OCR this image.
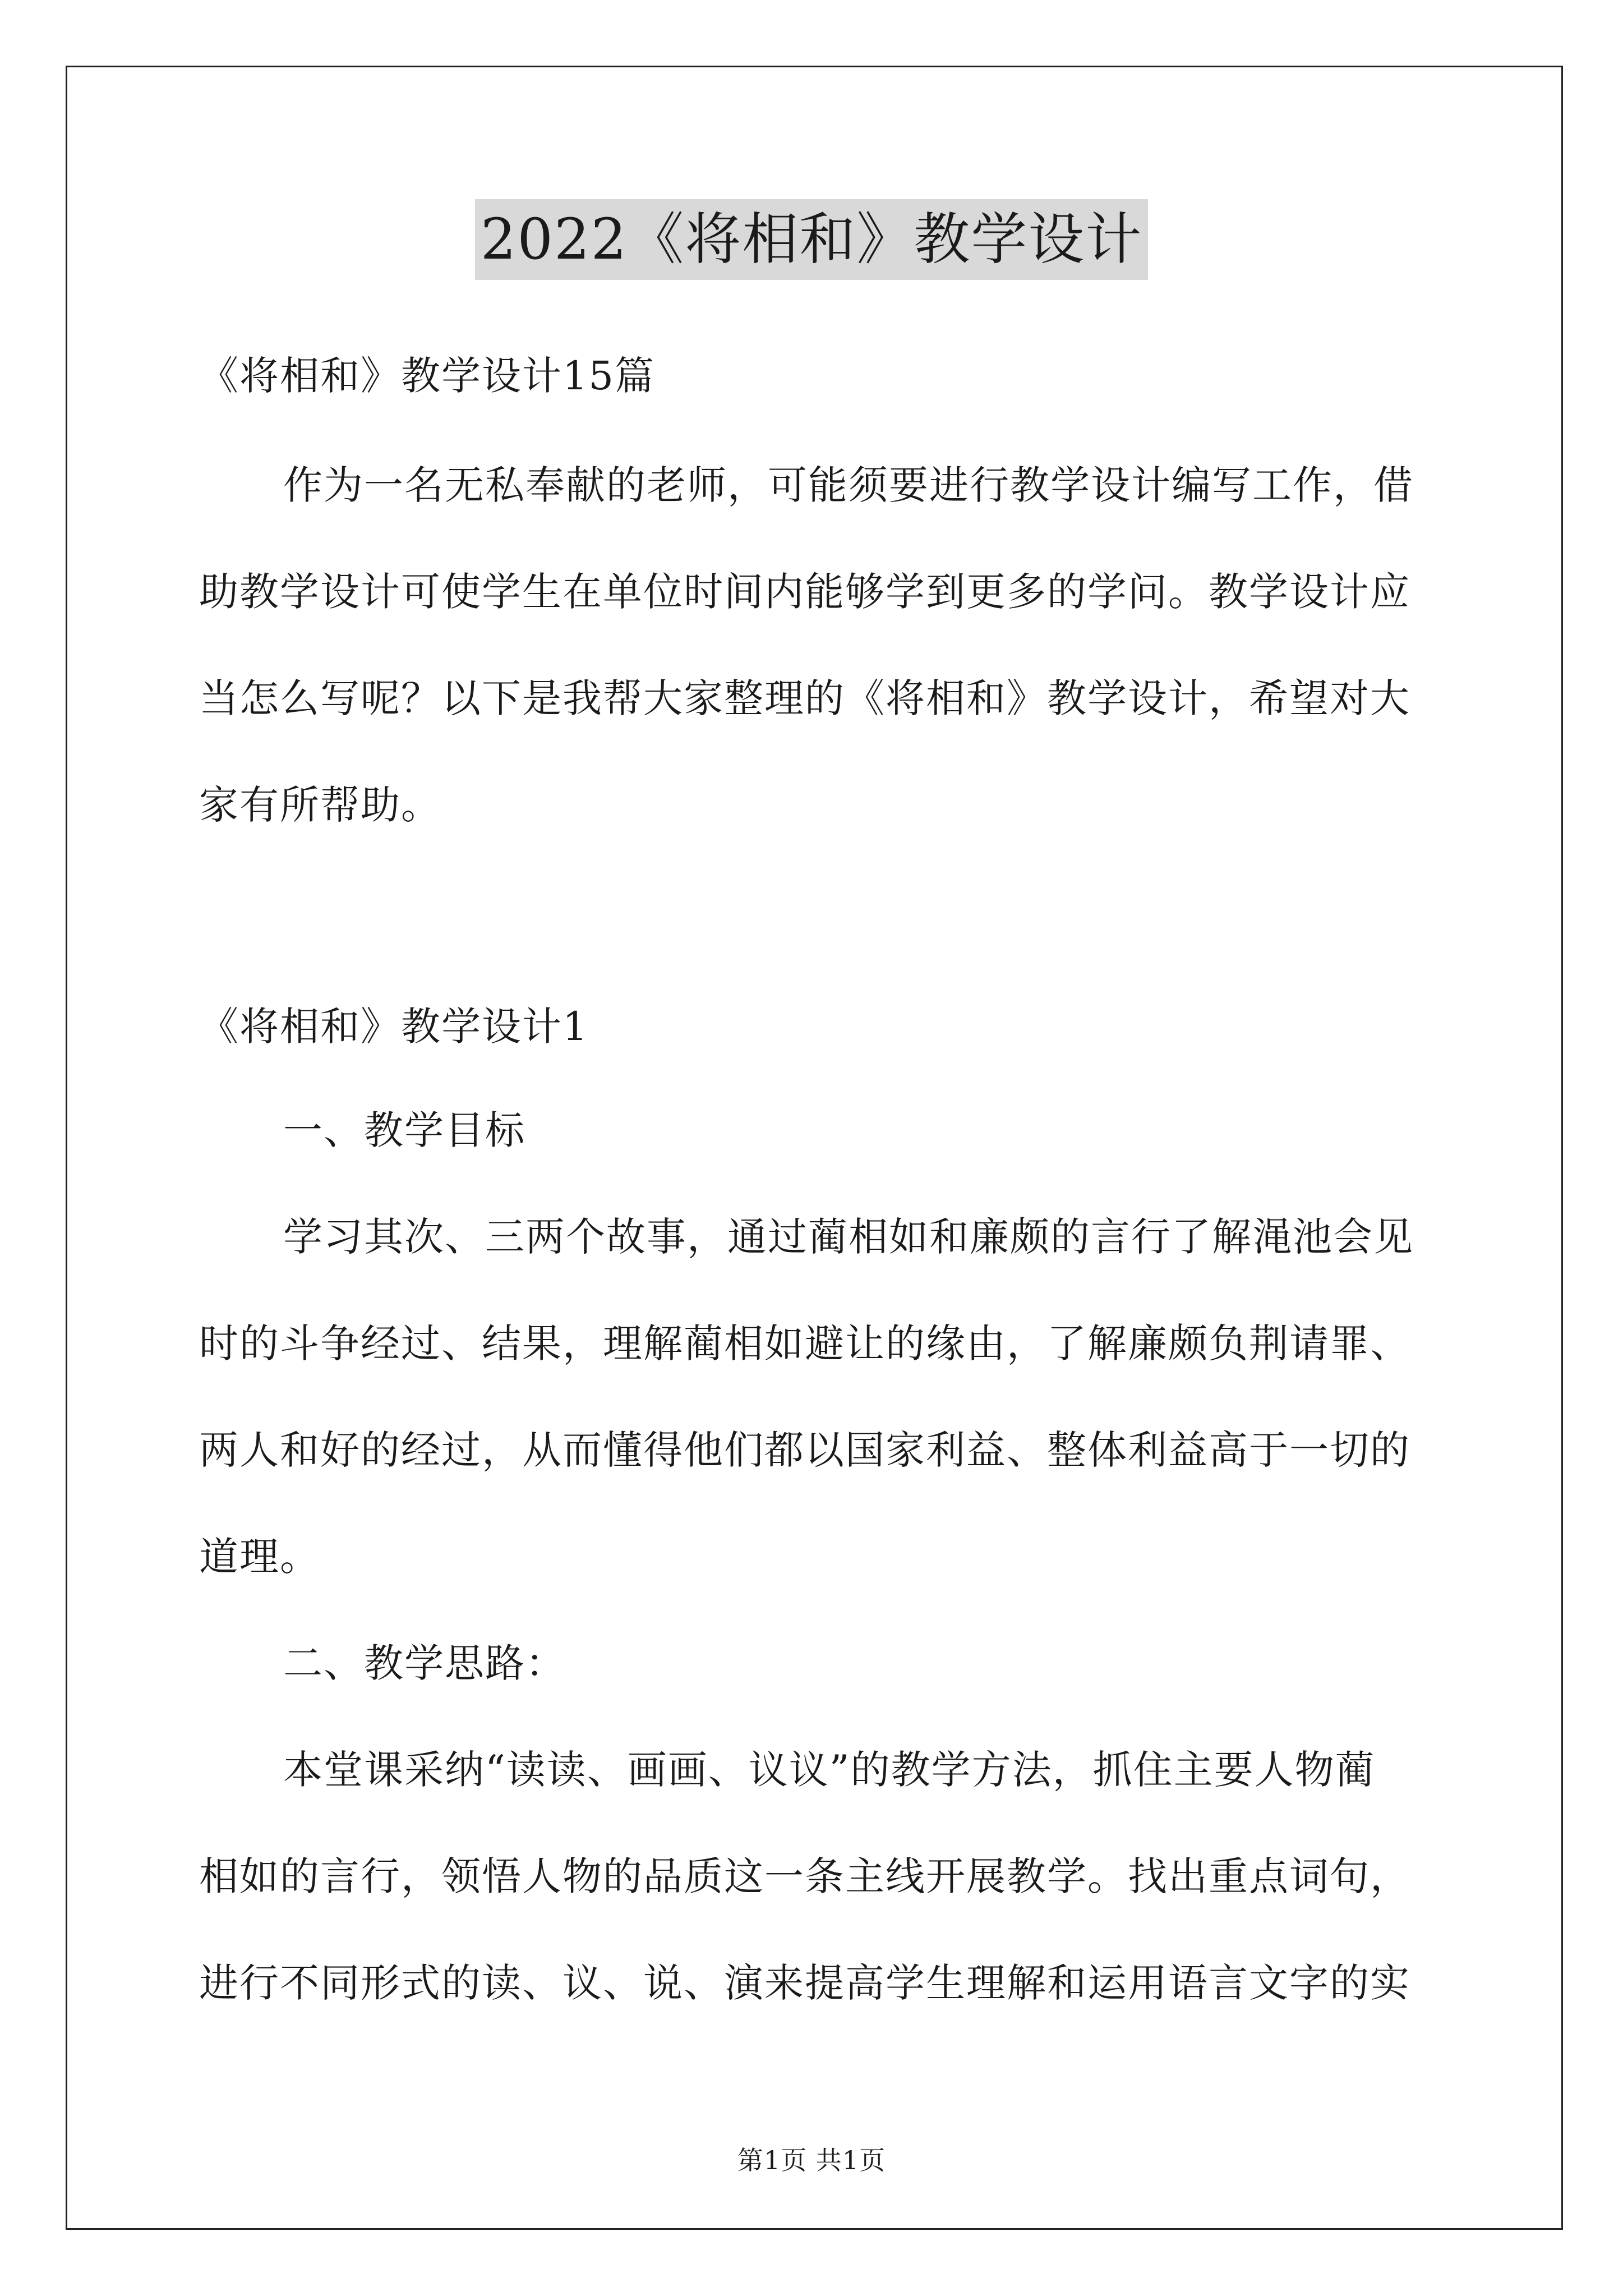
2022《将相和》教学设计

《将相和》教学设计15篇

作为一名无私奉献的老师，可能须要进行教学设计编写工作，借
助教学设计可使学生在单位时间内能够学到更多的学问。教学设计应
当怎么写呢？以下是我帮大家整理的《将相和》教学设计，希望对大
家有所帮助。

《将相和》教学设计1

一、教学目标

学习其次、三两个故事，通过蔺相如和廉颇的言行了解渑池会见
时的斗争经过、结果，理解蔺相如避让的缘由，了解廉颇负荆请罪、
两人和好的经过，从而懂得他们都以国家利益、整体利益高于一切的
道理。

二、教学思路：

本堂课采纳“读读、画画、议议”的教学方法，抓住主要人物蔺
相如的言行，领悟人物的品质这一条主线开展教学。找出重点词句，
进行不同形式的读、议、说、演来提高学生理解和运用语言文字的实

第1页 共1页
